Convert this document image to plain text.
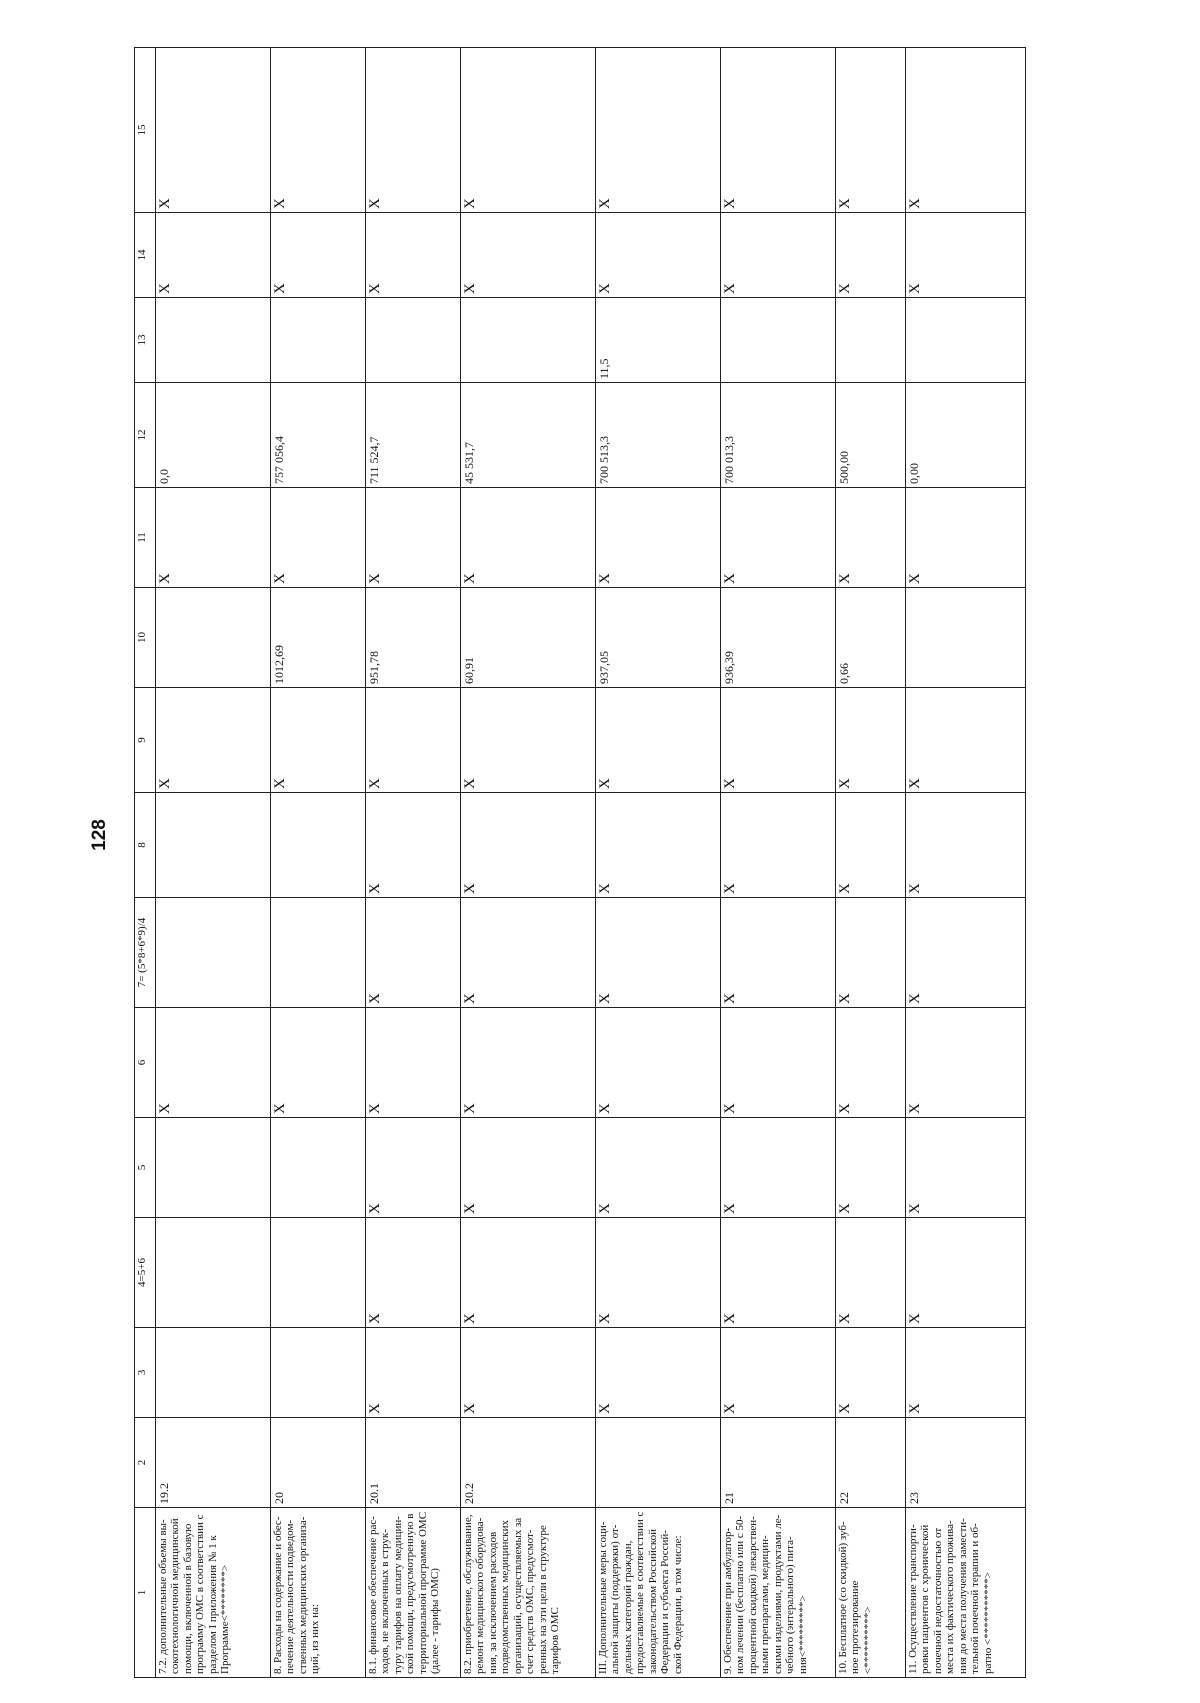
128
1	2	3	4=5+6	5	6	7= (5*8+6*9)/4	8	9	10	11	12	13	14	15
7.2. дополнительные объемы вы-сокотехнологичной медицинской помощи, включенной в базовую программу ОМС в соответствии с разделом I приложения № 1 к Программе<********>	19.2				X			X		X	0,0		X	X
8. Расходы на содержание и обес-печение деятельности подведом-ственных медицинских организа-ций, из них на:	20				X			X	1012,69	X	757 056,4		X	X
8.1. финансовое обеспечение рас-ходов, не включенных в струк-туру тарифов на оплату медицин-ской помощи, предусмотренную в территориальной программе ОМС (далее - тарифы ОМС)	20.1	X	X	X	X	X	X	X	951,78	X	711 524,7		X	X
8.2. приобретение, обслуживание, ремонт медицинского оборудова-ния, за исключением расходов подведомственных медицинских организаций, осуществляемых за счет средств ОМС, предусмот-ренных на эти цели в структуре тарифов ОМС	20.2	X	X	X	X	X	X	X	60,91	X	45 531,7		X	X
III. Дополнительные меры соци-альной защиты (поддержки) от-дельных категорий граждан, предоставляемые в соответствии с законодательством Российской Федерации и субъекта Россий-ской Федерации, в том числе:		X	X	X	X	X	X	X	937,05	X	700 513,3	11,5	X	X
9. Обеспечение при амбулатор-ном лечении (бесплатно или с 50-процентной скидкой) лекарствен-ными препаратами, медицин-скими изделиями, продуктами ле-чебного (энтерального) пита-ния<*********>	21	X	X	X	X	X	X	X	936,39	X	700 013,3		X	X
10. Бесплатное (со скидкой) зуб-ное протезирование <**********>	22	X	X	X	X	X	X	X	0,66	X	500,00		X	X
11. Осуществление транспорти-ровки пациентов с хронической почечной недостаточностью от места их фактического прожива-ния до места получения замести-тельной почечной терапии и об-ратно <***********>	23	X	X	X	X	X	X	X		X	0,00		X	X
